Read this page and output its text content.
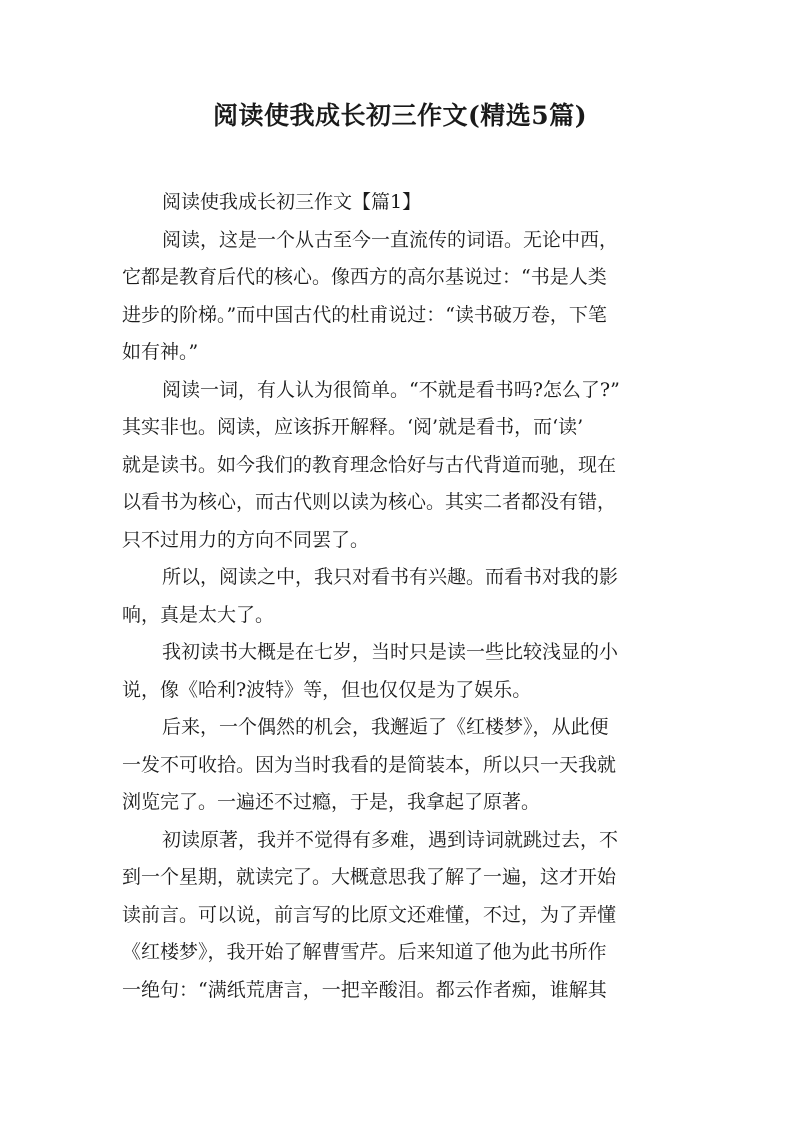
阅读使我成长初三作文(精选5篇)

阅读使我成长初三作文【篇1】

阅读，这是一个从古至今一直流传的词语。无论中西，
它都是教育后代的核心。像西方的高尔基说过：“书是人类
进步的阶梯。”而中国古代的杜甫说过：“读书破万卷，下笔
如有神。”

阅读一词，有人认为很简单。“不就是看书吗?怎么了?”
其实非也。阅读，应该拆开解释。‘阅’就是看书，而‘读’
就是读书。如今我们的教育理念恰好与古代背道而驰，现在
以看书为核心，而古代则以读为核心。其实二者都没有错，
只不过用力的方向不同罢了。

所以，阅读之中，我只对看书有兴趣。而看书对我的影
响，真是太大了。

我初读书大概是在七岁，当时只是读一些比较浅显的小
说，像《哈利?波特》等，但也仅仅是为了娱乐。

后来，一个偶然的机会，我邂逅了《红楼梦》，从此便
一发不可收拾。因为当时我看的是简装本，所以只一天我就
浏览完了。一遍还不过瘾，于是，我拿起了原著。

初读原著，我并不觉得有多难，遇到诗词就跳过去，不
到一个星期，就读完了。大概意思我了解了一遍，这才开始
读前言。可以说，前言写的比原文还难懂，不过，为了弄懂
《红楼梦》，我开始了解曹雪芹。后来知道了他为此书所作
一绝句：“满纸荒唐言，一把辛酸泪。都云作者痴，谁解其
